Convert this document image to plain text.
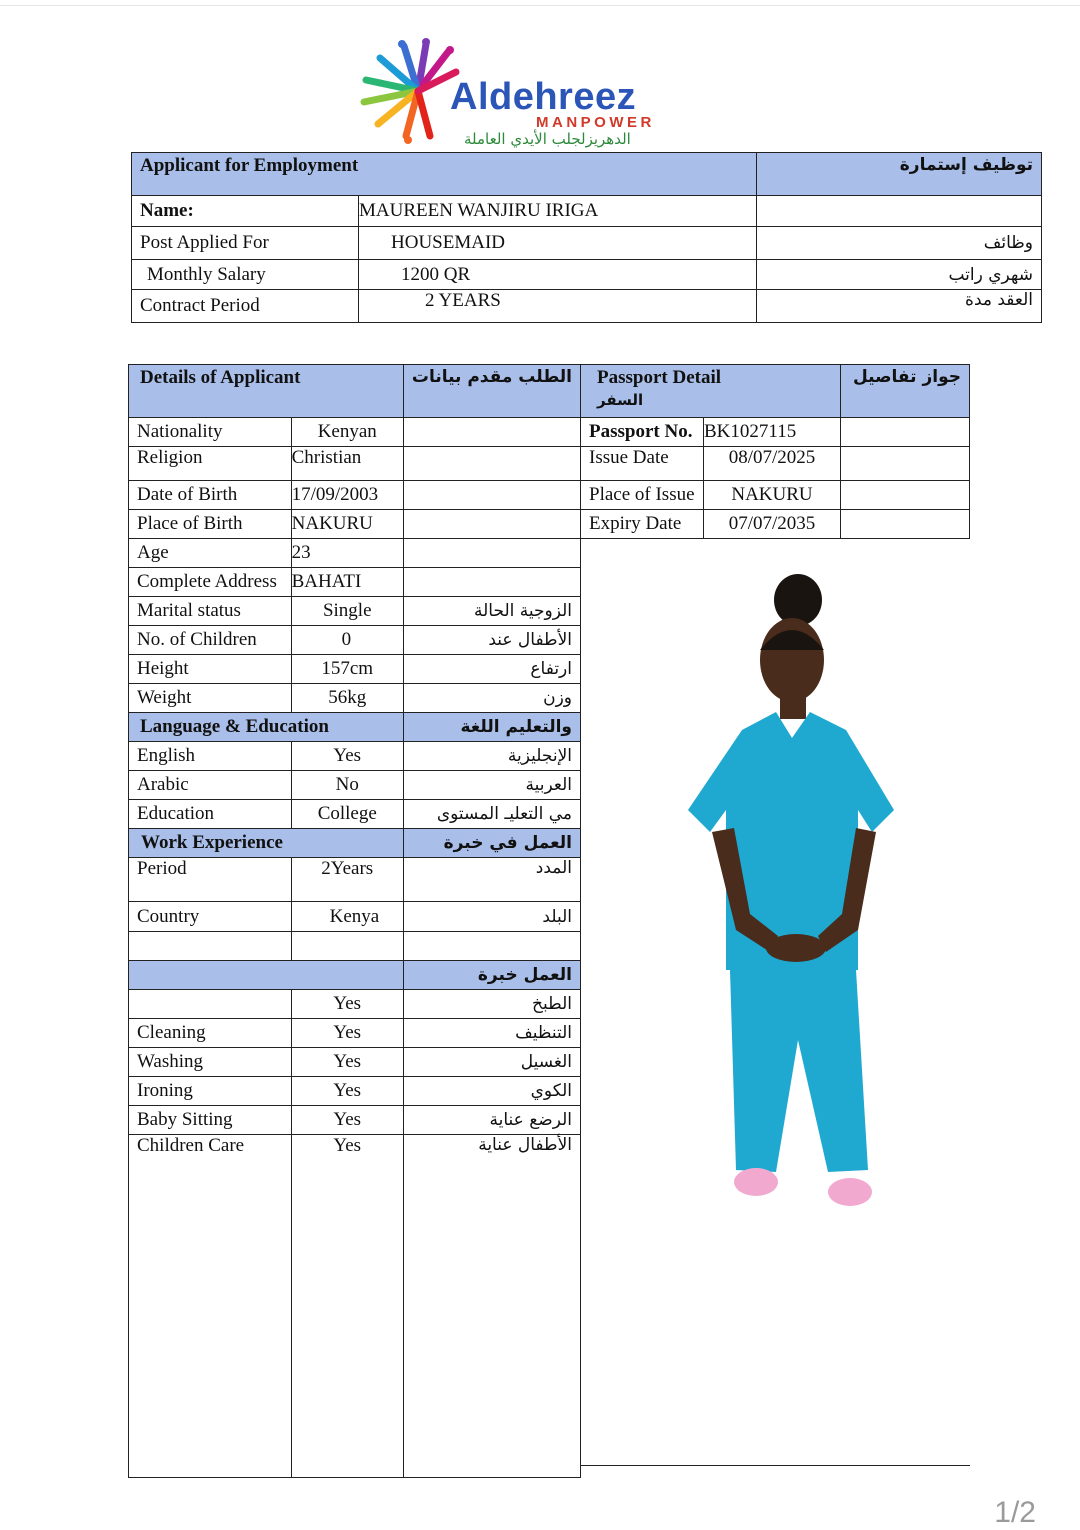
Aldehreez
MANPOWER
الدهريزلجلب الأيدي العاملة
Applicant for Employment		توظيف إستمارة
Name:	MAUREEN WANJIRU IRIGA	
Post Applied For	HOUSEMAID	وظائف
Monthly Salary	1200 QR	شهري راتب
Contract Period	2 YEARS	العقد مدة
Details of Applicant		الطلب مقدم بيانات
Nationality	Kenyan	
Religion	Christian	
Date of Birth	17/09/2003	
Place of Birth	NAKURU	
Age	23	
Complete Address	BAHATI	
Marital status	Single	الزوجية الحالة
No. of Children	0	الأطفال عند
Height	157cm	ارتفاع
Weight	56kg	وزن
Language & Education		والتعليم اللغة
English	Yes	الإنجليزية
Arabic	No	العربية
Education	College	مي التعليـ المستوى
Work Experience		العمل في خبرة
Period	2Years	المدد
Country	Kenya	البلد

		العمل خبرة
	Yes	الطبخ
Cleaning	Yes	التنظيف
Washing	Yes	الغسيل
Ironing	Yes	الكوي
Baby Sitting	Yes	الرضع عناية
Children Care	Yes	الأطفال عناية
Passport Detail
السفر		جواز تفاصيل
Passport No.	BK1027115	
Issue Date	08/07/2025	
Place of Issue	NAKURU	
Expiry Date	07/07/2035	
1/2
